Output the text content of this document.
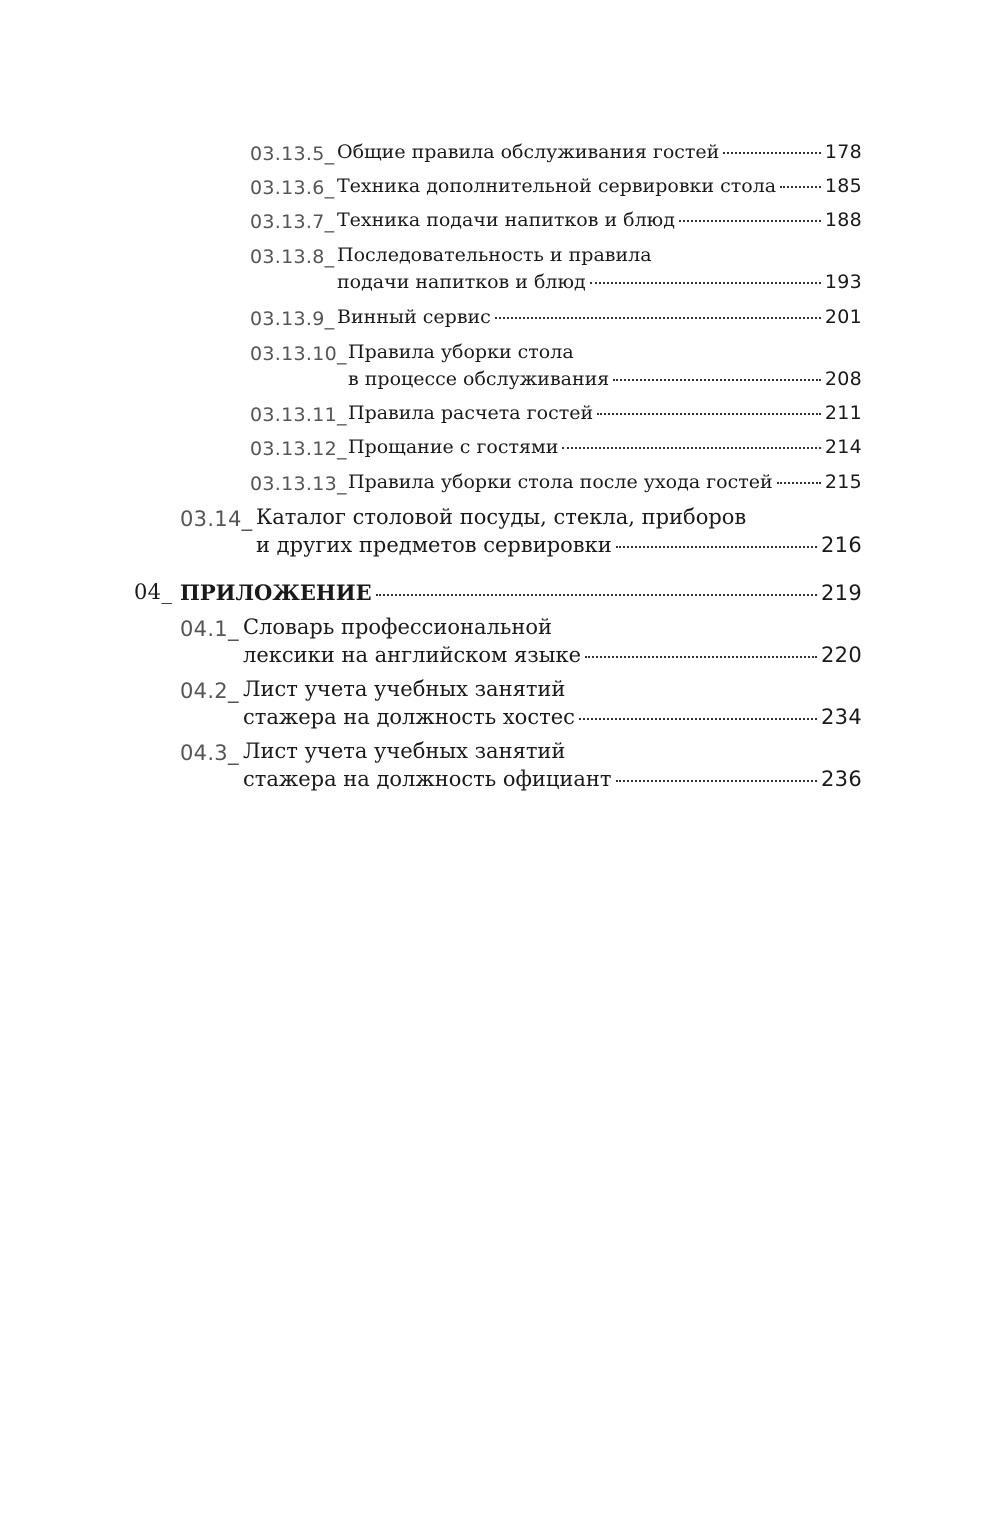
03.13.5_ Общие правила обслуживания гостей	178
03.13.6_ Техника дополнительной сервировки стола	185
03.13.7_ Техника подачи напитков и блюд	188
03.13.8_ Последовательность и правила
подачи напитков и блюд	193
03.13.9_ Винный сервис	201
03.13.10_ Правила уборки стола
в процессе обслуживания	208
03.13.11_ Правила расчета гостей	211
03.13.12_ Прощание с гостями	214
03.13.13_ Правила уборки стола после ухода гостей	215
03.14_ Каталог столовой посуды, стекла, приборов
и других предметов сервировки	216
04_ ПРИЛОЖЕНИЕ	219
04.1_ Словарь профессиональной
лексики на английском языке	220
04.2_ Лист учета учебных занятий
стажера на должность хостес	234
04.3_ Лист учета учебных занятий
стажера на должность официант	236
